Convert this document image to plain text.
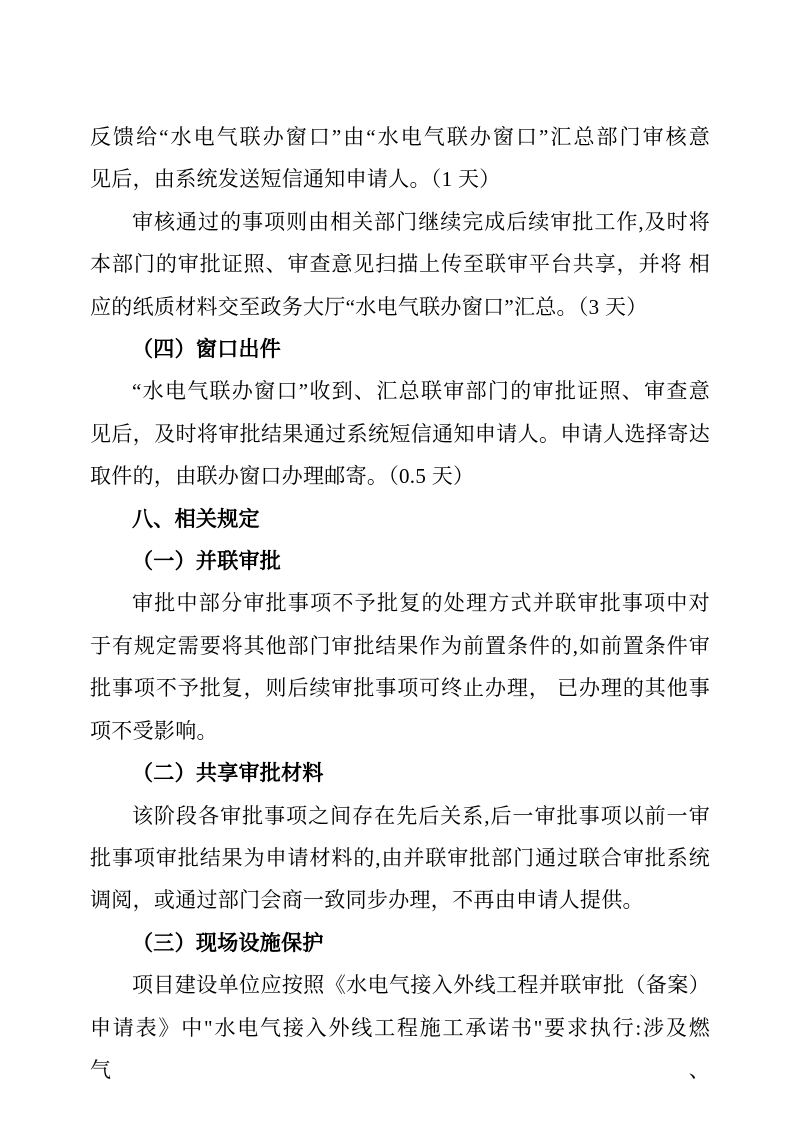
反馈给“水电气联办窗口”由“水电气联办窗口”汇总部门审核意
见后，由系统发送短信通知申请人。（1 天）
审核通过的事项则由相关部门继续完成后续审批工作,及时将
本部门的审批证照、审查意见扫描上传至联审平台共享，并将 相
应的纸质材料交至政务大厅“水电气联办窗口”汇总。（3 天）
（四）窗口出件
“水电气联办窗口”收到、汇总联审部门的审批证照、审查意
见后，及时将审批结果通过系统短信通知申请人。申请人选择寄达
取件的，由联办窗口办理邮寄。（0.5 天）
八、相关规定
（一）并联审批
审批中部分审批事项不予批复的处理方式并联审批事项中对
于有规定需要将其他部门审批结果作为前置条件的,如前置条件审
批事项不予批复，则后续审批事项可终止办理， 已办理的其他事
项不受影响。
（二）共享审批材料
该阶段各审批事项之间存在先后关系,后一审批事项以前一审
批事项审批结果为申请材料的,由并联审批部门通过联合审批系统
调阅，或通过部门会商一致同步办理，不再由申请人提供。
（三）现场设施保护
项目建设单位应按照《水电气接入外线工程并联审批（备案）
申请表》中"水电气接入外线工程施工承诺书"要求执行:涉及燃气、
